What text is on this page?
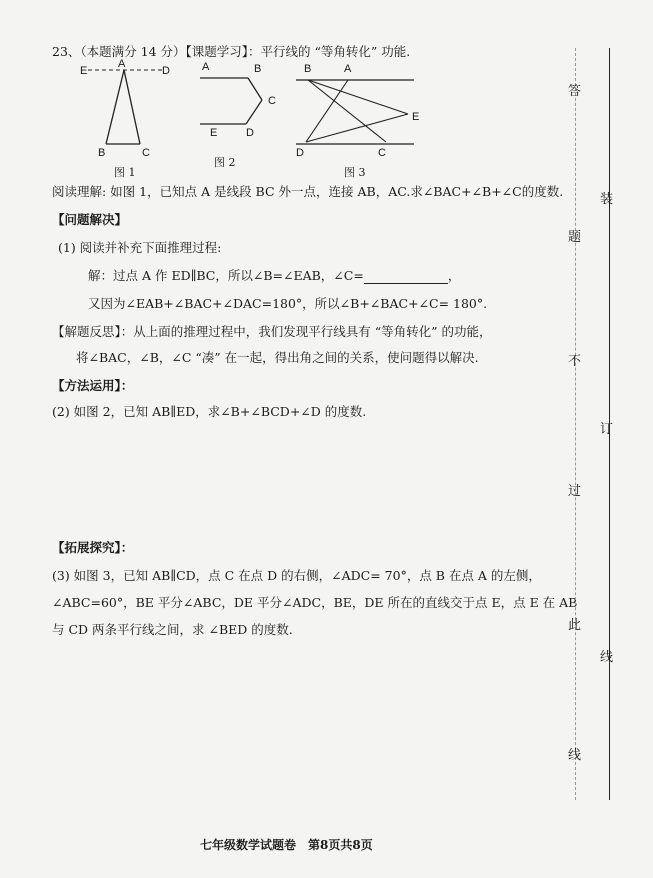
23、（本题满分 14 分）【课题学习】：平行线的 “等角转化” 功能.
E
A
D
B	C
图 1
A	B
C
D
E
图 2
B	A
E
D	C
图 3
阅读理解: 如图 1，已知点 A 是线段 BC 外一点，连接 AB，AC.求∠BAC+∠B+∠C的度数.
【问题解决】
(1) 阅读并补充下面推理过程:
解：过点 A 作 ED∥BC，所以∠B=∠EAB，∠C=	，
又因为∠EAB+∠BAC+∠DAC=180°，所以∠B+∠BAC+∠C= 180°.
【解题反思】：从上面的推理过程中，我们发现平行线具有 “等角转化” 的功能，
将∠BAC，∠B，∠C “凑” 在一起，得出角之间的关系，使问题得以解决.
【方法运用】：
(2) 如图 2，已知 AB∥ED，求∠B+∠BCD+∠D 的度数.
【拓展探究】：
(3) 如图 3，已知 AB∥CD，点 C 在点 D 的右侧，∠ADC= 70°，点 B 在点 A 的左侧，
∠ABC=60°，BE 平分∠ABC，DE 平分∠ADC，BE，DE 所在的直线交于点 E，点 E 在 AB
与 CD 两条平行线之间，求 ∠BED 的度数.
答
装
题
不
订
过
此
线
线
七年级数学试题卷　第8页共8页
